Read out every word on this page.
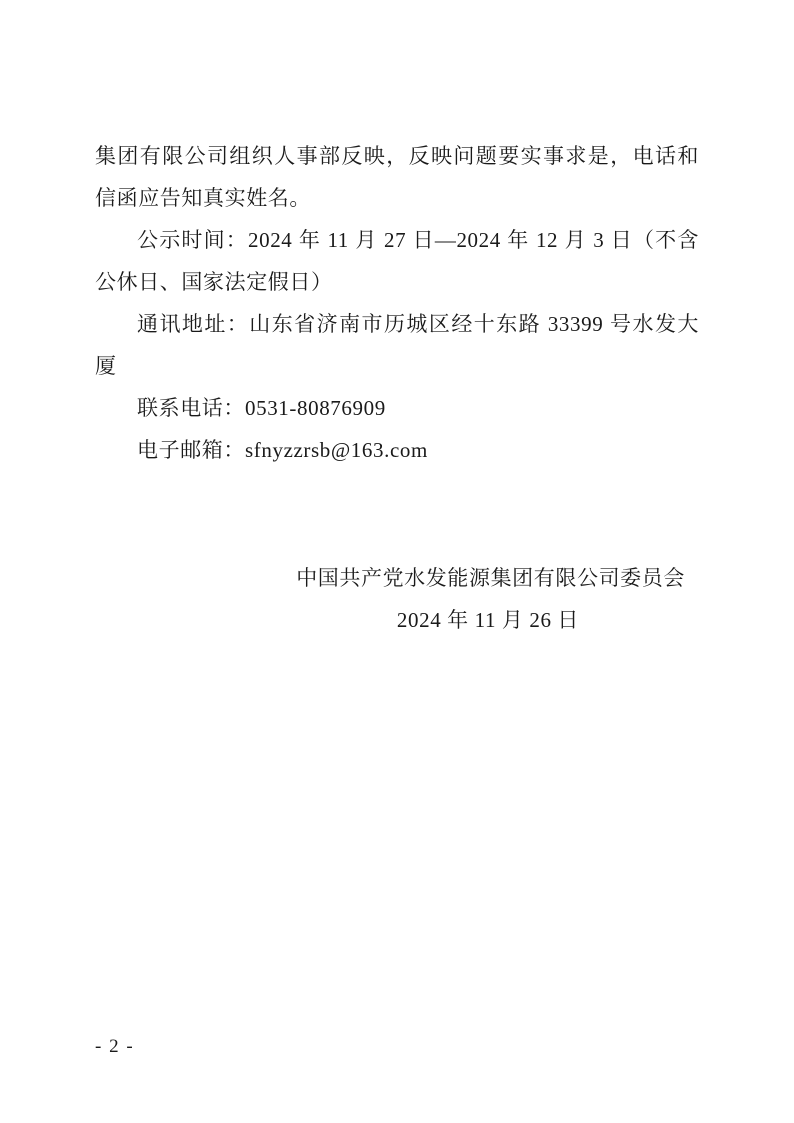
集团有限公司组织人事部反映，反映问题要实事求是，电话和信函应告知真实姓名。

公示时间：2024 年 11 月 27 日—2024 年 12 月 3 日（不含公休日、国家法定假日）

通讯地址：山东省济南市历城区经十东路 33399 号水发大厦

联系电话：0531-80876909

电子邮箱：sfnyzzrsb@163.com

中国共产党水发能源集团有限公司委员会

2024 年 11 月 26 日

- 2 -
